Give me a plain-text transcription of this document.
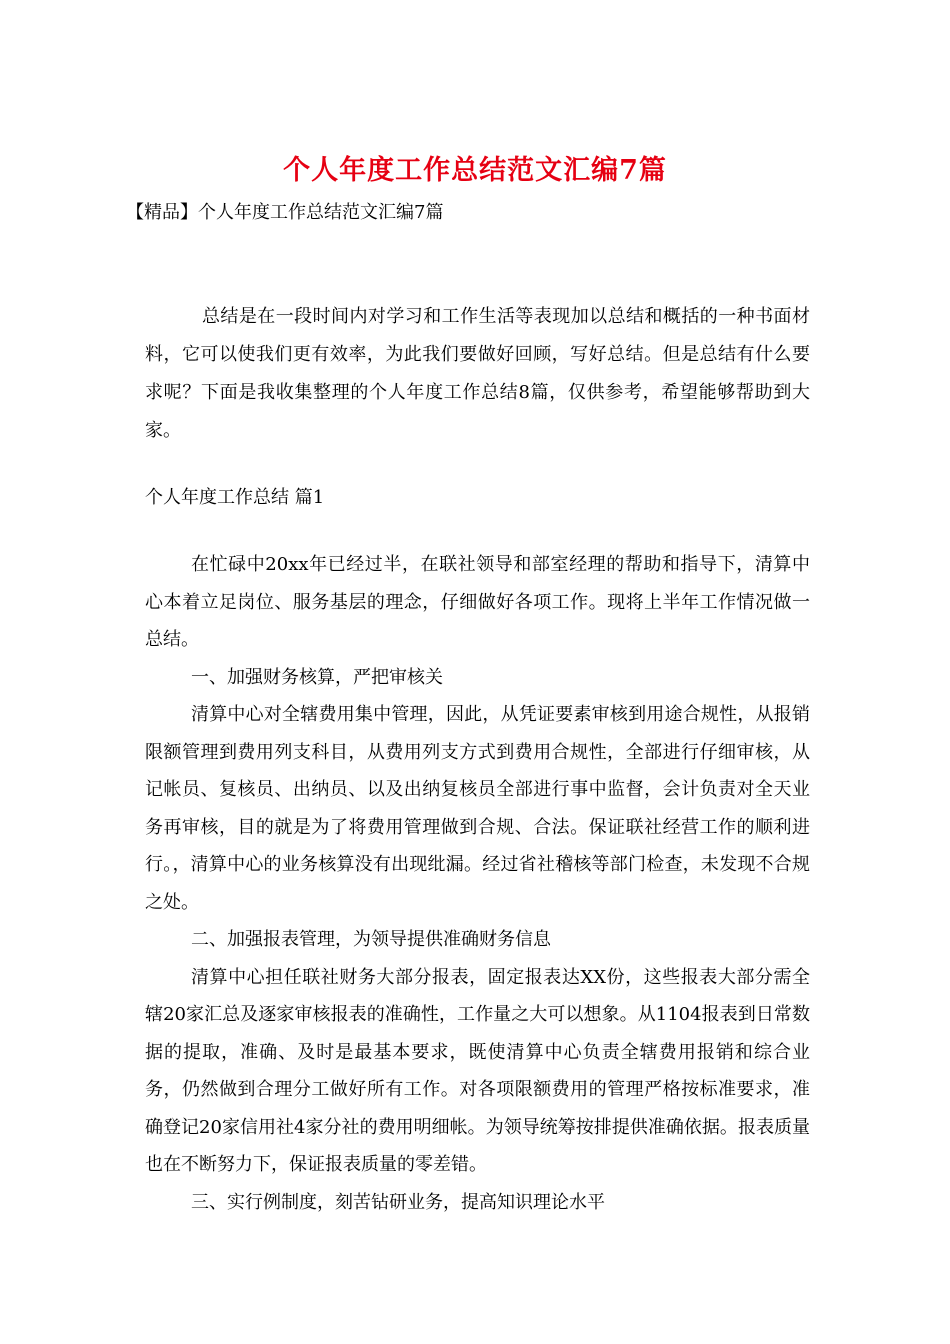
个人年度工作总结范文汇编7篇

【精品】个人年度工作总结范文汇编7篇

总结是在一段时间内对学习和工作生活等表现加以总结和概括的一种书面材料，它可以使我们更有效率，为此我们要做好回顾，写好总结。但是总结有什么要求呢？下面是我收集整理的个人年度工作总结8篇，仅供参考，希望能够帮助到大家。

个人年度工作总结 篇1

在忙碌中20xx年已经过半，在联社领导和部室经理的帮助和指导下，清算中心本着立足岗位、服务基层的理念，仔细做好各项工作。现将上半年工作情况做一总结。

一、加强财务核算，严把审核关

清算中心对全辖费用集中管理，因此，从凭证要素审核到用途合规性，从报销限额管理到费用列支科目，从费用列支方式到费用合规性，全部进行仔细审核，从记帐员、复核员、出纳员、以及出纳复核员全部进行事中监督，会计负责对全天业务再审核，目的就是为了将费用管理做到合规、合法。保证联社经营工作的顺利进行。，清算中心的业务核算没有出现纰漏。经过省社稽核等部门检查，未发现不合规之处。

二、加强报表管理，为领导提供准确财务信息

清算中心担任联社财务大部分报表，固定报表达XX份，这些报表大部分需全辖20家汇总及逐家审核报表的准确性，工作量之大可以想象。从1104报表到日常数据的提取，准确、及时是最基本要求，既使清算中心负责全辖费用报销和综合业务，仍然做到合理分工做好所有工作。对各项限额费用的管理严格按标准要求，准确登记20家信用社4家分社的费用明细帐。为领导统筹按排提供准确依据。报表质量也在不断努力下，保证报表质量的零差错。

三、实行例制度，刻苦钻研业务，提高知识理论水平
